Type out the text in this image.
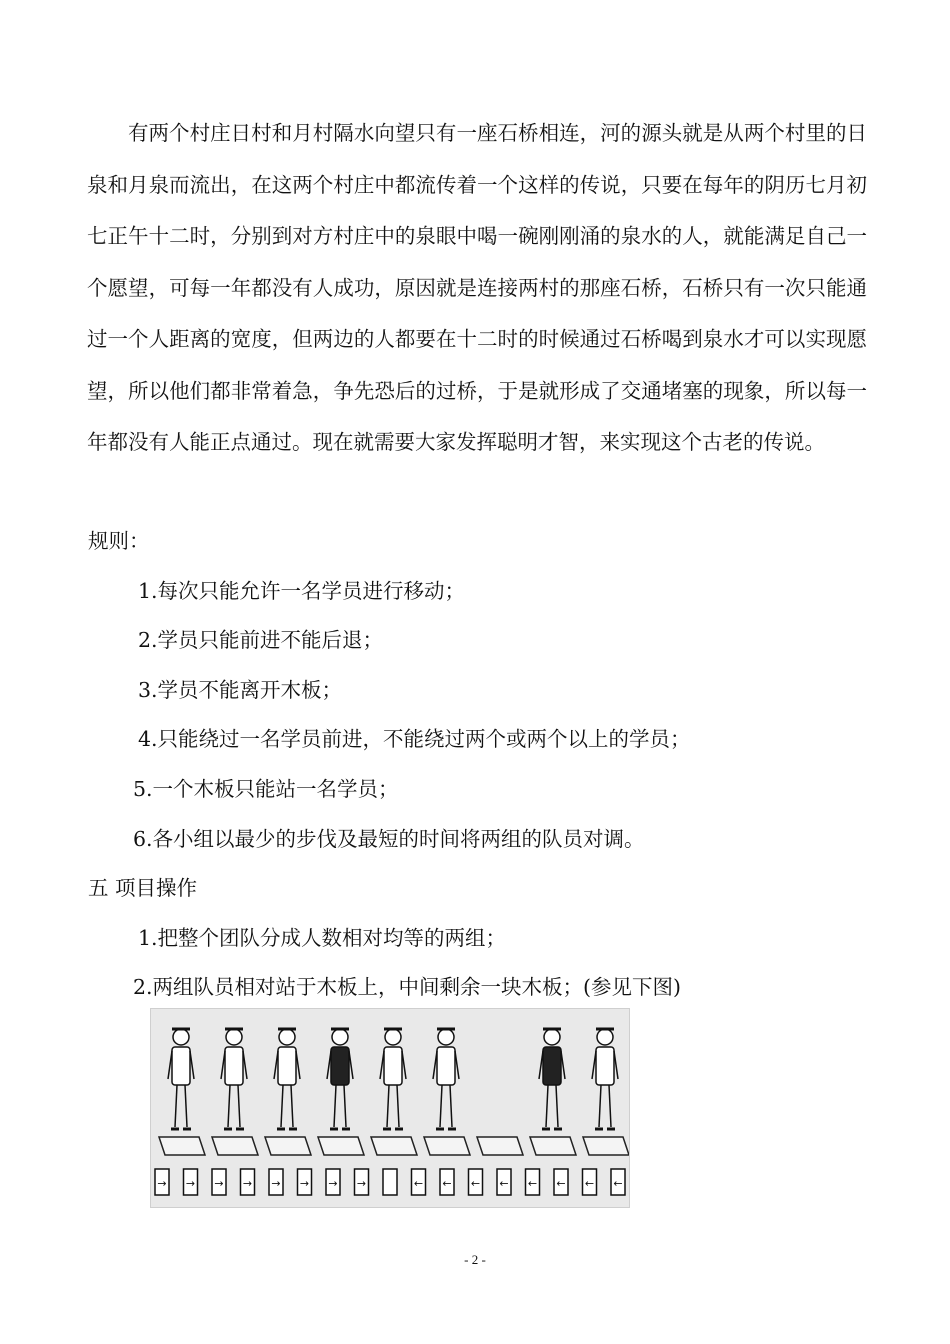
有两个村庄日村和月村隔水向望只有一座石桥相连，河的源头就是从两个村里的日泉和月泉而流出，在这两个村庄中都流传着一个这样的传说，只要在每年的阴历七月初七正午十二时，分别到对方村庄中的泉眼中喝一碗刚刚涌的泉水的人，就能满足自己一个愿望，可每一年都没有人成功，原因就是连接两村的那座石桥，石桥只有一次只能通过一个人距离的宽度，但两边的人都要在十二时的时候通过石桥喝到泉水才可以实现愿望，所以他们都非常着急，争先恐后的过桥，于是就形成了交通堵塞的现象，所以每一年都没有人能正点通过。现在就需要大家发挥聪明才智，来实现这个古老的传说。

规则：

1.每次只能允许一名学员进行移动；

2.学员只能前进不能后退；

3.学员不能离开木板；

4.只能绕过一名学员前进，不能绕过两个或两个以上的学员；

5.一个木板只能站一名学员；

6.各小组以最少的步伐及最短的时间将两组的队员对调。

五 项目操作

1.把整个团队分成人数相对均等的两组；

2.两组队员相对站于木板上，中间剩余一块木板；(参见下图)

→ → → → → → → →	← ← ← ← ← ← ← ←
- 2 -
